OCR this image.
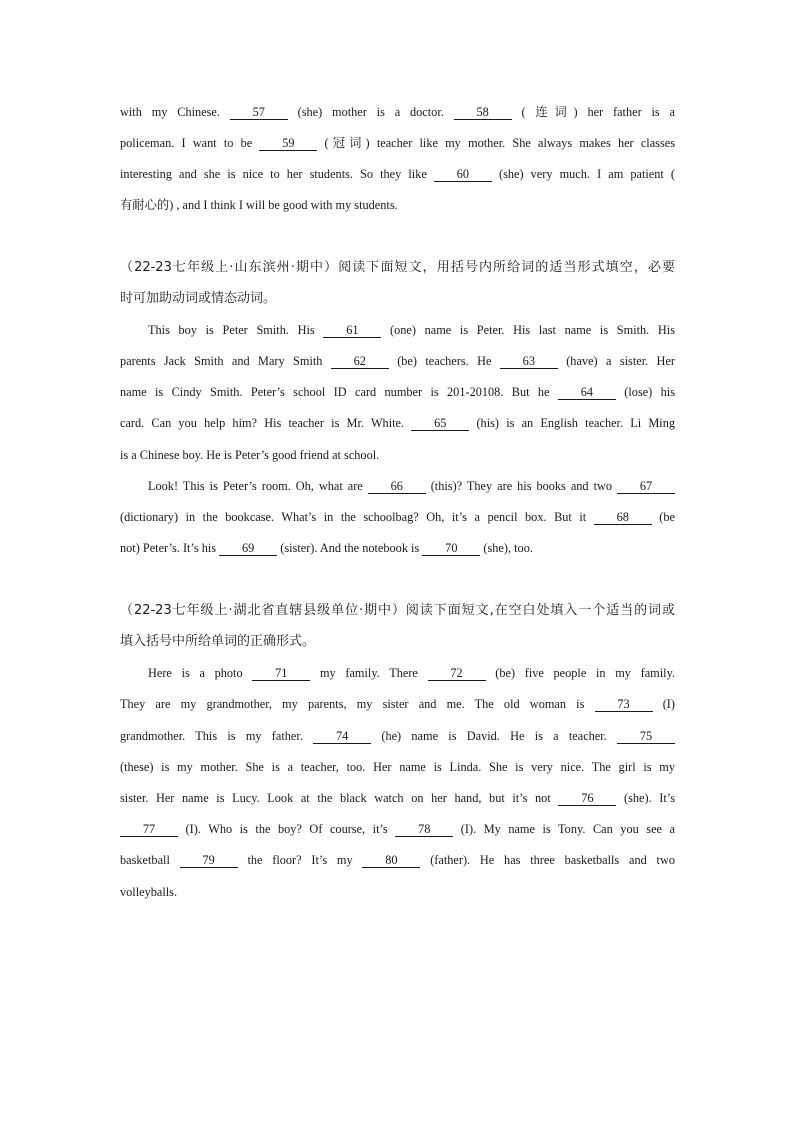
with my Chinese. 57 (she) mother is a doctor. 58 ( 连词) her father is a
policeman. I want to be 59 (冠词) teacher like my mother. She always makes her classes
interesting and she is nice to her students. So they like 60 (she) very much. I am patient (
有耐心的) , and I think I will be good with my students.
（22-23七年级上·山东滨州·期中）阅读下面短文，用括号内所给词的适当形式填空，必要
时可加助动词或情态动词。
This boy is Peter Smith. His 61 (one) name is Peter. His last name is Smith. His
parents Jack Smith and Mary Smith 62 (be) teachers. He 63 (have) a sister. Her
name is Cindy Smith. Peter’s school ID card number is 201-20108. But he 64 (lose) his
card. Can you help him? His teacher is Mr. White. 65 (his) is an English teacher. Li Ming
is a Chinese boy. He is Peter’s good friend at school.
Look! This is Peter’s room. Oh, what are 66 (this)? They are his books and two 67
(dictionary) in the bookcase. What’s in the schoolbag? Oh, it’s a pencil box. But it 68 (be
not) Peter’s. It’s his 69 (sister). And the notebook is 70 (she), too.
（22-23七年级上·湖北省直辖县级单位·期中）阅读下面短文,在空白处填入一个适当的词或
填入括号中所给单词的正确形式。
Here is a photo 71 my family. There 72 (be) five people in my family.
They are my grandmother, my parents, my sister and me. The old woman is 73 (I)
grandmother. This is my father. 74 (he) name is David. He is a teacher. 75
(these) is my mother. She is a teacher, too. Her name is Linda. She is very nice. The girl is my
sister. Her name is Lucy. Look at the black watch on her hand, but it’s not 76 (she). It’s
77 (I). Who is the boy? Of course, it’s 78 (I). My name is Tony. Can you see a
basketball 79 the floor? It’s my 80 (father). He has three basketballs and two
volleyballs.
